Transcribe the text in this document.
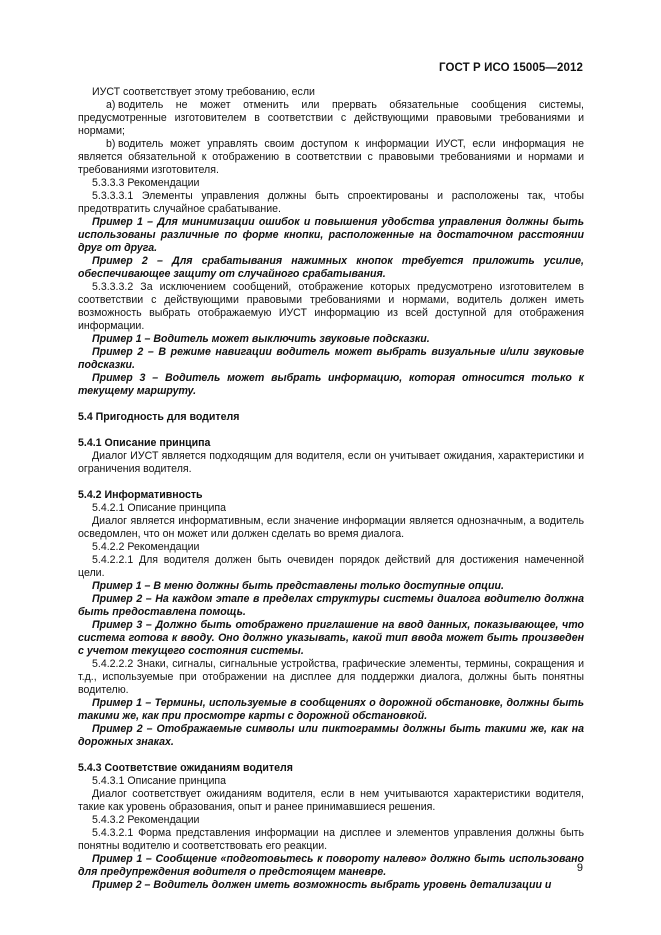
ГОСТ Р ИСО 15005—2012

ИУСТ соответствует этому требованию, если

a) водитель не может отменить или прервать обязательные сообщения системы, предусмотренные изготовителем в соответствии с действующими правовыми требованиями и нормами;

b) водитель может управлять своим доступом к информации ИУСТ, если информация не является обязательной к отображению в соответствии с правовыми требованиями и нормами и требованиями изготовителя.

5.3.3.3 Рекомендации

5.3.3.3.1 Элементы управления должны быть спроектированы и расположены так, чтобы предотвратить случайное срабатывание.

Пример 1 – Для минимизации ошибок и повышения удобства управления должны быть использованы различные по форме кнопки, расположенные на достаточном расстоянии друг от друга.

Пример 2 – Для срабатывания нажимных кнопок требуется приложить усилие, обеспечивающее защиту от случайного срабатывания.

5.3.3.3.2 За исключением сообщений, отображение которых предусмотрено изготовителем в соответствии с действующими правовыми требованиями и нормами, водитель должен иметь возможность выбрать отображаемую ИУСТ информацию из всей доступной для отображения информации.

Пример 1 – Водитель может выключить звуковые подсказки.

Пример 2 – В режиме навигации водитель может выбрать визуальные и/или звуковые подсказки.

Пример 3 – Водитель может выбрать информацию, которая относится только к текущему маршруту.

5.4 Пригодность для водителя

5.4.1 Описание принципа

Диалог ИУСТ является подходящим для водителя, если он учитывает ожидания, характеристики и ограничения водителя.

5.4.2 Информативность

5.4.2.1 Описание принципа

Диалог является информативным, если значение информации является однозначным, а водитель осведомлен, что он может или должен сделать во время диалога.

5.4.2.2 Рекомендации

5.4.2.2.1 Для водителя должен быть очевиден порядок действий для достижения намеченной цели.

Пример 1 – В меню должны быть представлены только доступные опции.

Пример 2 – На каждом этапе в пределах структуры системы диалога водителю должна быть предоставлена помощь.

Пример 3 – Должно быть отображено приглашение на ввод данных, показывающее, что система готова к вводу. Оно должно указывать, какой тип ввода может быть произведен с учетом текущего состояния системы.

5.4.2.2.2 Знаки, сигналы, сигнальные устройства, графические элементы, термины, сокращения и т.д., используемые при отображении на дисплее для поддержки диалога, должны быть понятны водителю.

Пример 1 – Термины, используемые в сообщениях о дорожной обстановке, должны быть такими же, как при просмотре карты с дорожной обстановкой.

Пример 2 – Отображаемые символы или пиктограммы должны быть такими же, как на дорожных знаках.

5.4.3 Соответствие ожиданиям водителя

5.4.3.1 Описание принципа

Диалог соответствует ожиданиям водителя, если в нем учитываются характеристики водителя, такие как уровень образования, опыт и ранее принимавшиеся решения.

5.4.3.2 Рекомендации

5.4.3.2.1 Форма представления информации на дисплее и элементов управления должны быть понятны водителю и соответствовать его реакции.

Пример 1 – Сообщение «подготовьтесь к повороту налево» должно быть использовано для предупреждения водителя о предстоящем маневре.

Пример 2 – Водитель должен иметь возможность выбрать уровень детализации и

9
